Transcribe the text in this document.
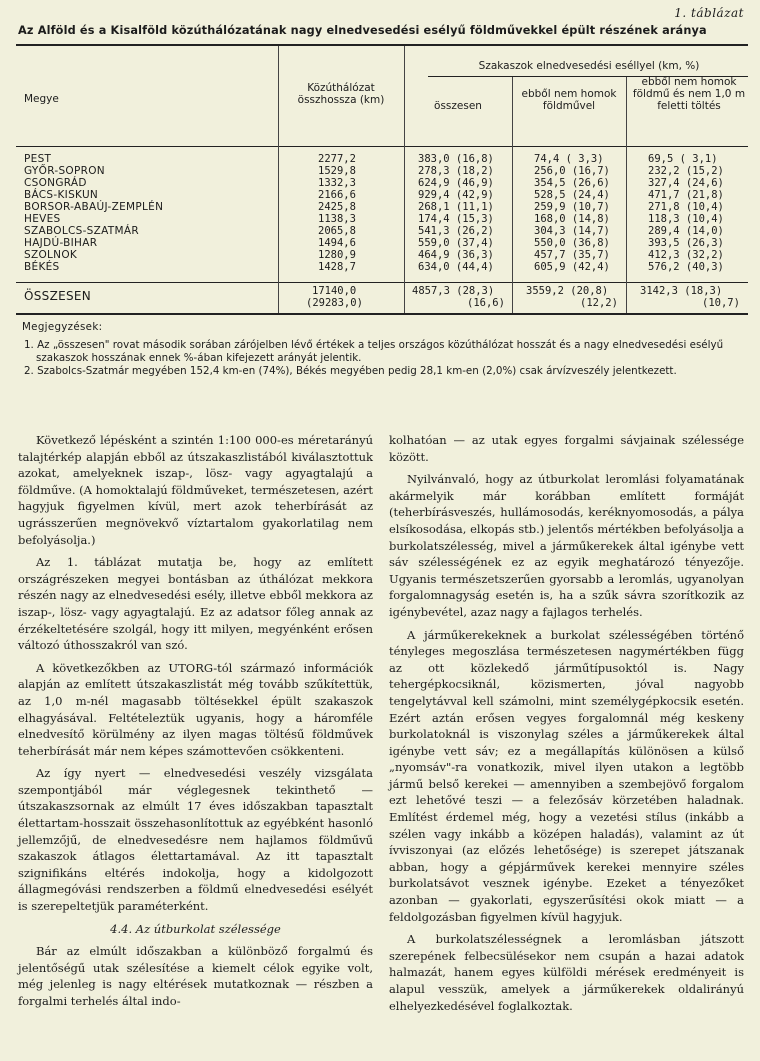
1. táblázat
Az Alföld és a Kisalföld közúthálózatának nagy elnedvesedési esélyű földművekkel épült részének aránya
Megye
Közúthálózat összhossza (km)
Szakaszok elnedvesedési eséllyel (km, %)
összesen
ebből nem homok földművel
ebből nem homok földmű és nem 1,0 m feletti töltés
PEST
GYŐR-SOPRON
CSONGRÁD
BÁCS-KISKUN
BORSOR-ABAÚJ-ZEMPLÉN
HEVES
SZABOLCS-SZATMÁR
HAJDÚ-BIHAR
SZOLNOK
BÉKÉS
2277,2
1529,8
1332,3
2166,6
2425,8
1138,3
2065,8
1494,6
1280,9
1428,7
383,0 (16,8)
278,3 (18,2)
624,9 (46,9)
929,4 (42,9)
268,1 (11,1)
174,4 (15,3)
541,3 (26,2)
559,0 (37,4)
464,9 (36,3)
634,0 (44,4)
74,4 ( 3,3)
256,0 (16,7)
354,5 (26,6)
528,5 (24,4)
259,9 (10,7)
168,0 (14,8)
304,3 (14,7)
550,0 (36,8)
457,7 (35,7)
605,9 (42,4)
69,5 ( 3,1)
232,2 (15,2)
327,4 (24,6)
471,7 (21,8)
271,8 (10,4)
118,3 (10,4)
289,4 (14,0)
393,5 (26,3)
412,3 (32,2)
576,2 (40,3)
ÖSSZESEN	17140,0
(29283,0)
4857,3 (28,3)
(16,6)
3559,2 (20,8)
(12,2)
3142,3 (18,3)
(10,7)
Megjegyzések:
1. Az „összesen" rovat második sorában zárójelben lévő értékek a teljes országos közúthálózat hosszát és a nagy elnedvesedési esélyű szakaszok hosszának ennek %-ában kifejezett arányát jelentik.
2. Szabolcs-Szatmár megyében 152,4 km-en (74%), Békés megyében pedig 28,1 km-en (2,0%) csak árvízveszély jelentkezett.

Következő lépésként a szintén 1:100 000-es méretarányú talajtérkép alapján ebből az útszakaszlistából kiválasztottuk azokat, amelyeknek iszap-, lösz- vagy agyagtalajú a földműve. (A homoktalajú földműveket, természetesen, azért hagyjuk figyelmen kívül, mert azok teherbírását az ugrásszerűen megnövekvő víztartalom gyakorlatilag nem befolyásolja.)

Az 1. táblázat mutatja be, hogy az említett országrészeken megyei bontásban az úthálózat mekkora részén nagy az elnedvesedési esély, illetve ebből mekkora az iszap-, lösz- vagy agyagtalajú. Ez az adatsor főleg annak az érzékeltetésére szolgál, hogy itt milyen, megyénként erősen változó úthosszakról van szó.

A következőkben az UTORG-tól származó információk alapján az említett útszakaszlistát még tovább szűkítettük, az 1,0 m-nél magasabb töltésekkel épült szakaszok elhagyásával. Feltételeztük ugyanis, hogy a háromféle elnedvesítő körülmény az ilyen magas töltésű földművek teherbírását már nem képes számottevően csökkenteni.

Az így nyert — elnedvesedési veszély vizsgálata szempontjából már véglegesnek tekinthető — útszakaszsornak az elmúlt 17 éves időszakban tapasztalt élettartam-hosszait összehasonlítottuk az egyébként hasonló jellemzőjű, de elnedvesedésre nem hajlamos földművű szakaszok átlagos élettartamával. Az itt tapasztalt szignifikáns eltérés indokolja, hogy a kidolgozott állagmegóvási rendszerben a földmű elnedvesedési esélyét is szerepeltetjük paraméterként.

4.4. Az útburkolat szélessége

Bár az elmúlt időszakban a különböző forgalmú és jelentőségű utak szélesítése a kiemelt célok egyike volt, még jelenleg is nagy eltérések mutatkoznak — részben a forgalmi terhelés által indo-

kolhatóan — az utak egyes forgalmi sávjainak szélessége között.

Nyilvánvaló, hogy az útburkolat leromlási folyamatának akármelyik már korábban említett formáját (teherbírásveszés, hullámosodás, keréknyomosodás, a pálya elsíkosodása, elkopás stb.) jelentős mértékben befolyásolja a burkolatszélesség, mivel a járműkerekek által igénybe vett sáv szélességének ez az egyik meghatározó tényezője. Ugyanis természetszerűen gyorsabb a leromlás, ugyanolyan forgalomnagyság esetén is, ha a szűk sávra szorítkozik az igénybevétel, azaz nagy a fajlagos terhelés.

A járműkerekeknek a burkolat szélességében történő tényleges megoszlása természetesen nagymértékben függ az ott közlekedő járműtípusoktól is. Nagy tehergépkocsiknál, közismerten, jóval nagyobb tengelytávval kell számolni, mint személygépkocsik esetén. Ezért aztán erősen vegyes forgalomnál még keskeny burkolatoknál is viszonylag széles a járműkerekek által igénybe vett sáv; ez a megállapítás különösen a külső „nyomsáv"-ra vonatkozik, mivel ilyen utakon a legtöbb jármű belső kerekei — amennyiben a szembejövő forgalom ezt lehetővé teszi — a felezősáv körzetében haladnak. Említést érdemel még, hogy a vezetési stílus (inkább a szélen vagy inkább a középen haladás), valamint az út ívviszonyai (az előzés lehetősége) is szerepet játszanak abban, hogy a gépjárművek kerekei mennyire széles burkolatsávot vesznek igénybe. Ezeket a tényezőket azonban — gyakorlati, egyszerűsítési okok miatt — a feldolgozásban figyelmen kívül hagyjuk.

A burkolatszélességnek a leromlásban játszott szerepének felbecsülésekor nem csupán a hazai adatok halmazát, hanem egyes külföldi mérések eredményeit is alapul vesszük, amelyek a járműkerekek oldalirányú elhelyezkedésével foglalkoztak.
